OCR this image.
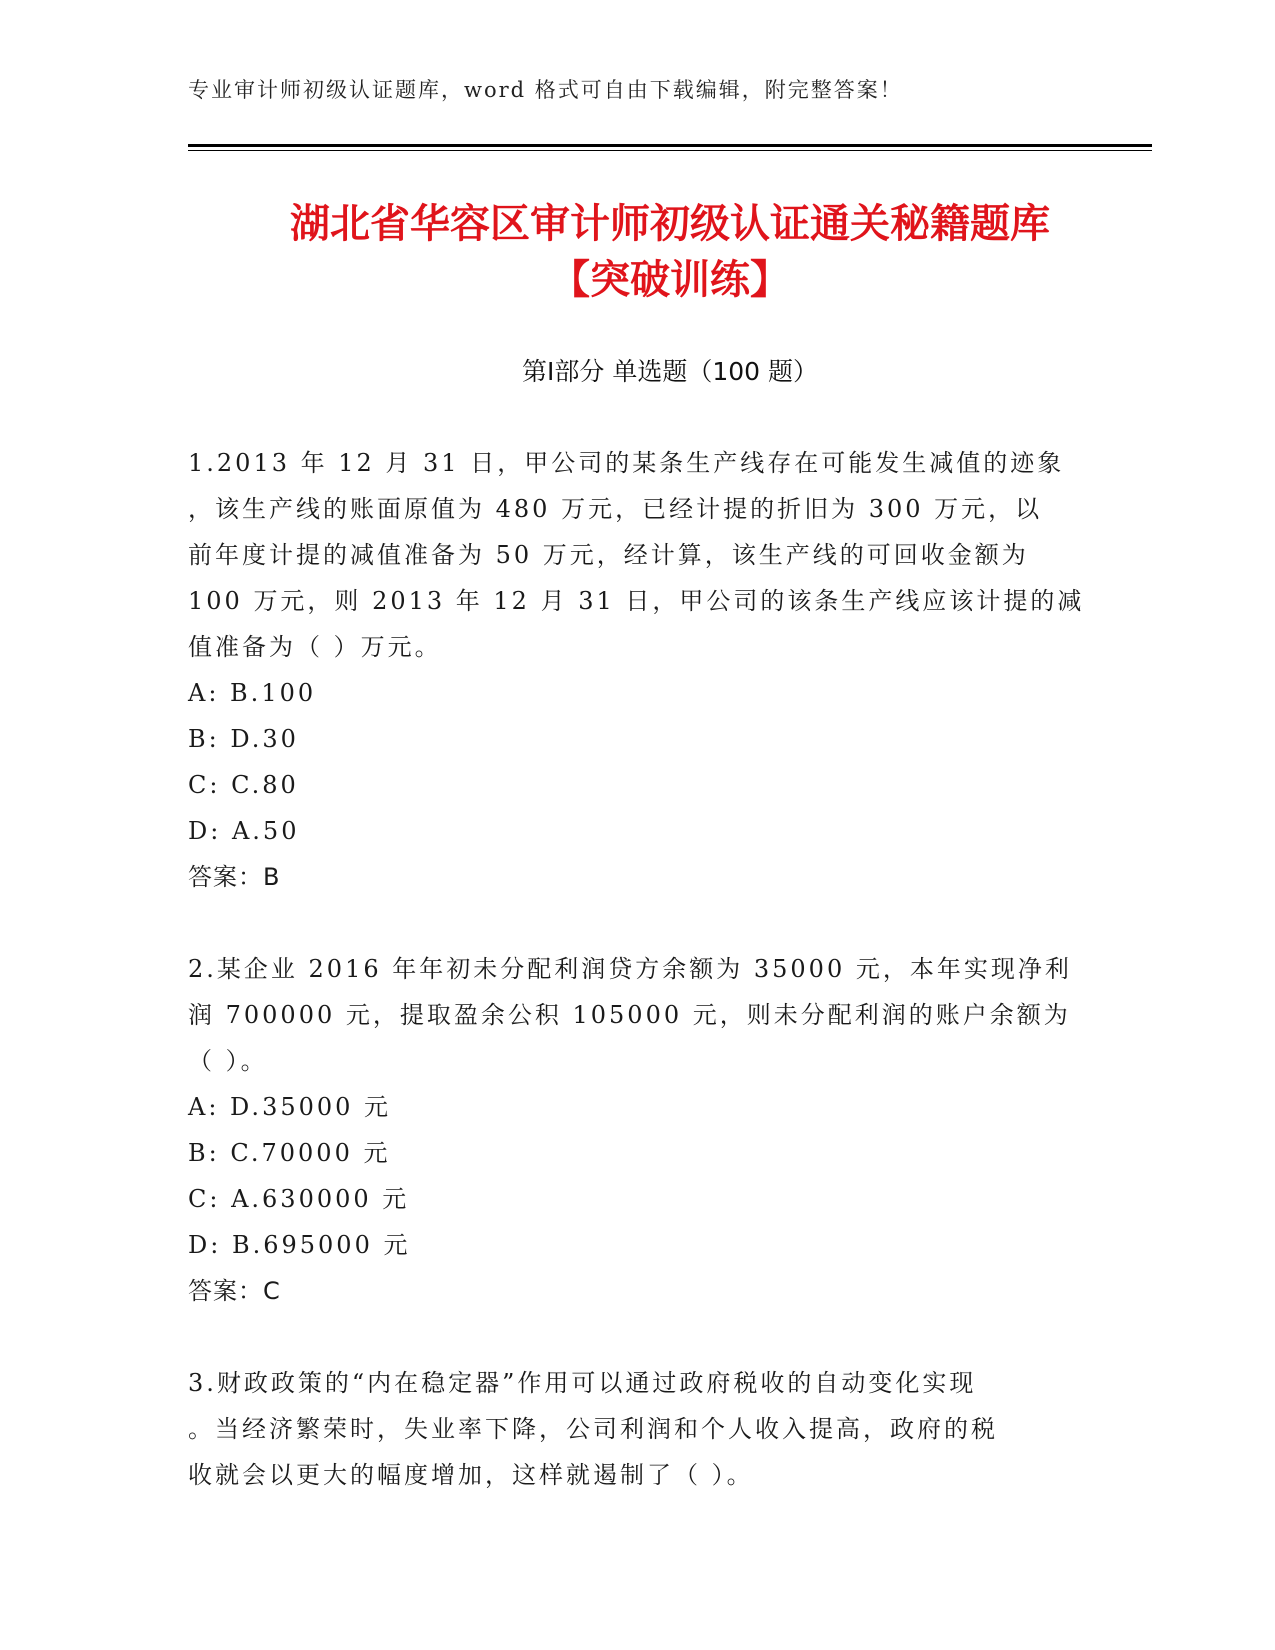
专业审计师初级认证题库，word 格式可自由下载编辑，附完整答案！
湖北省华容区审计师初级认证通关秘籍题库
【突破训练】
第Ⅰ部分 单选题（100 题）
1.2013 年 12 月 31 日，甲公司的某条生产线存在可能发生减值的迹象
，该生产线的账面原值为 480 万元，已经计提的折旧为 300 万元，以
前年度计提的减值准备为 50 万元，经计算，该生产线的可回收金额为
100 万元，则 2013 年 12 月 31 日，甲公司的该条生产线应该计提的减
值准备为（ ）万元。
A: B.100
B: D.30
C: C.80
D: A.50
答案：B
2.某企业 2016 年年初未分配利润贷方余额为 35000 元，本年实现净利
润 700000 元，提取盈余公积 105000 元，则未分配利润的账户余额为
（ ）。
A: D.35000 元
B: C.70000 元
C: A.630000 元
D: B.695000 元
答案：C
3.财政政策的“内在稳定器”作用可以通过政府税收的自动变化实现
。当经济繁荣时，失业率下降，公司利润和个人收入提高，政府的税
收就会以更大的幅度增加，这样就遏制了（ ）。
